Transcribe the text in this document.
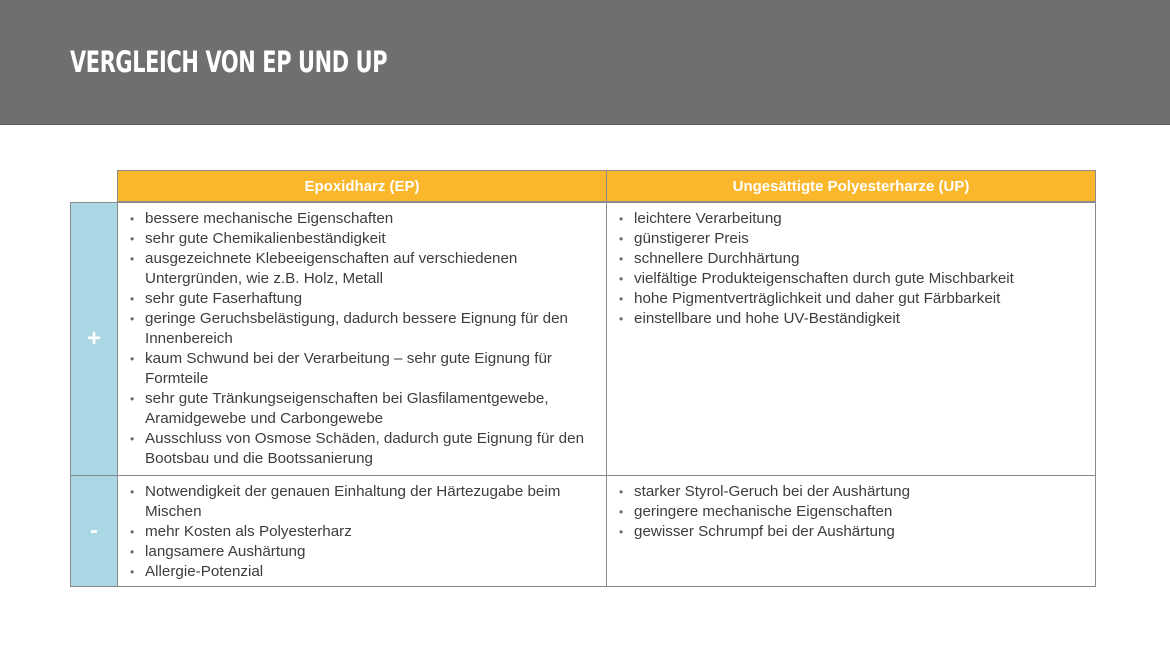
VERGLEICH VON EP UND UP
Epoxidharz (EP)	Ungesättigte Polyesterharze (UP)
+
• bessere mechanische Eigenschaften
• sehr gute Chemikalienbeständigkeit
• ausgezeichnete Klebeeigenschaften auf verschiedenen Untergründen, wie z.B. Holz, Metall
• sehr gute Faserhaftung
• geringe Geruchsbelästigung, dadurch bessere Eignung für den Innenbereich
• kaum Schwund bei der Verarbeitung – sehr gute Eignung für Formteile
• sehr gute Tränkungseigenschaften bei Glasfilamentgewebe, Aramidgewebe und Carbongewebe
• Ausschluss von Osmose Schäden, dadurch gute Eignung für den Bootsbau und die Bootssanierung
• leichtere Verarbeitung
• günstigerer Preis
• schnellere Durchhärtung
• vielfältige Produkteigenschaften durch gute Mischbarkeit
• hohe Pigmentverträglichkeit und daher gut Färbbarkeit
• einstellbare und hohe UV-Beständigkeit
-
• Notwendigkeit der genauen Einhaltung der Härtezugabe beim Mischen
• mehr Kosten als Polyesterharz
• langsamere Aushärtung
• Allergie-Potenzial
• starker Styrol-Geruch bei der Aushärtung
• geringere mechanische Eigenschaften
• gewisser Schrumpf bei der Aushärtung
